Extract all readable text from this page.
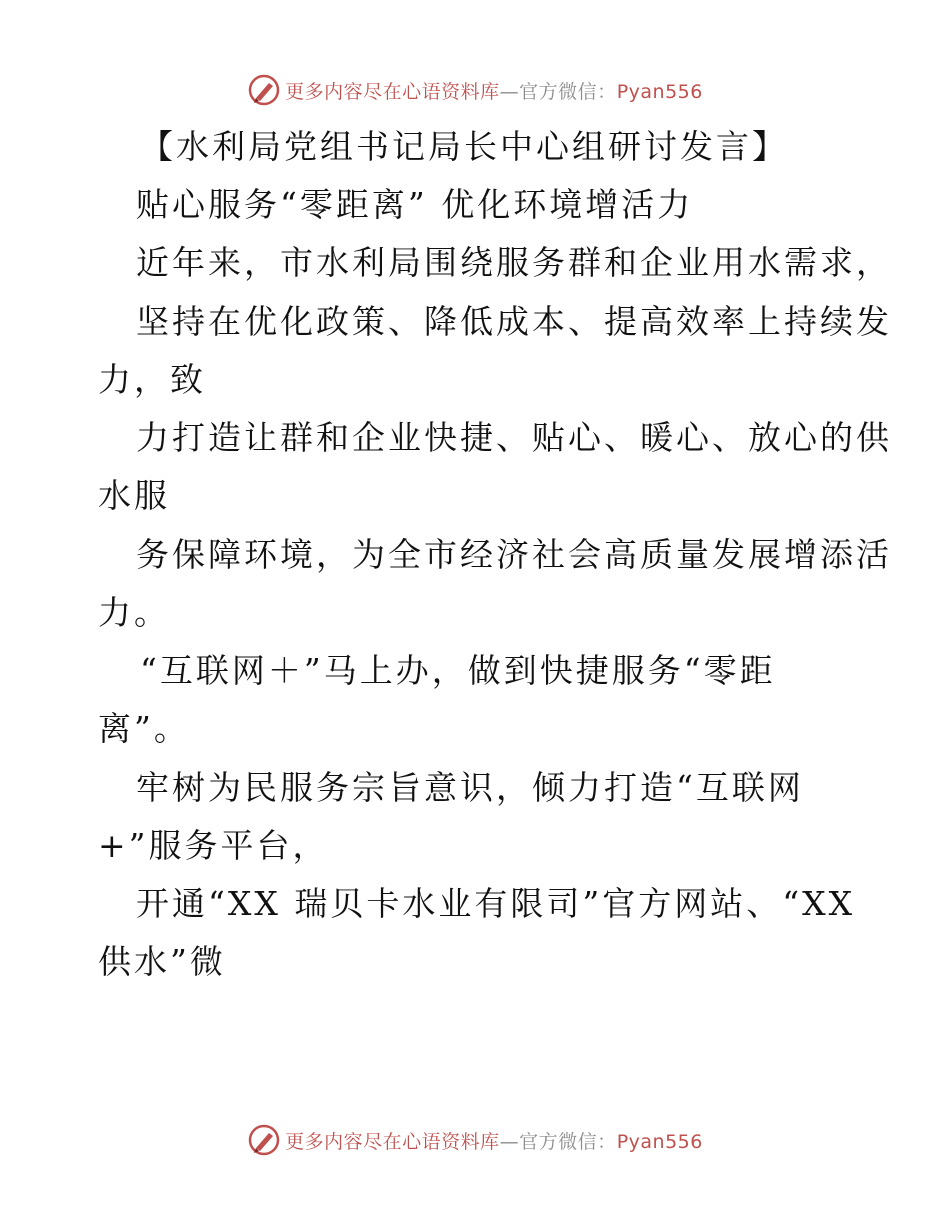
更多内容尽在心语资料库—官方微信：Pyan556
【水利局党组书记局长中心组研讨发言】
贴心服务“零距离” 优化环境增活力
近年来，市水利局围绕服务群和企业用水需求，
坚持在优化政策、降低成本、提高效率上持续发
力，致
力打造让群和企业快捷、贴心、暖心、放心的供
水服
务保障环境，为全市经济社会高质量发展增添活
力。
“互联网＋”马上办，做到快捷服务“零距
离”。
牢树为民服务宗旨意识，倾力打造“互联网
+”服务平台，
开通“XX 瑞贝卡水业有限司”官方网站、“XX
供水”微
更多内容尽在心语资料库—官方微信：Pyan556
